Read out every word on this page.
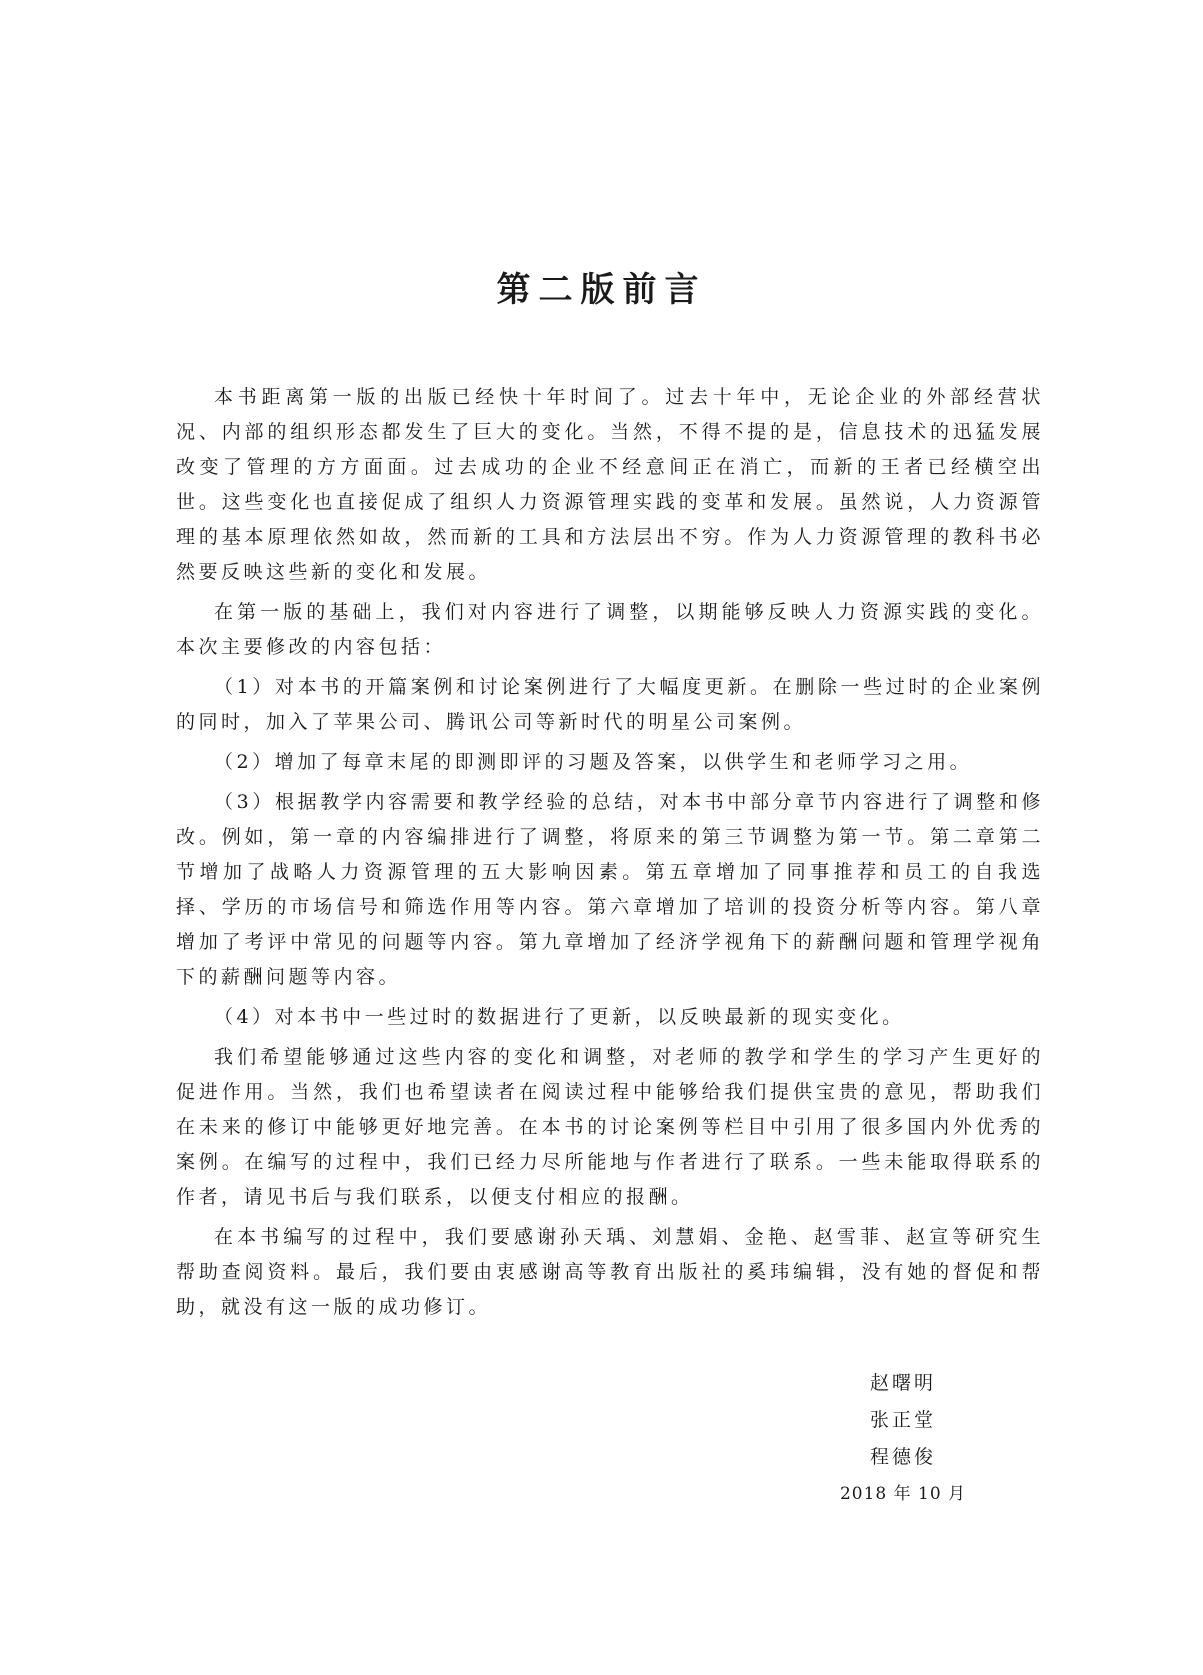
第二版前言

本书距离第一版的出版已经快十年时间了。过去十年中，无论企业的外部经营状况、内部的组织形态都发生了巨大的变化。当然，不得不提的是，信息技术的迅猛发展改变了管理的方方面面。过去成功的企业不经意间正在消亡，而新的王者已经横空出世。这些变化也直接促成了组织人力资源管理实践的变革和发展。虽然说，人力资源管理的基本原理依然如故，然而新的工具和方法层出不穷。作为人力资源管理的教科书必然要反映这些新的变化和发展。

在第一版的基础上，我们对内容进行了调整，以期能够反映人力资源实践的变化。本次主要修改的内容包括：

（1）对本书的开篇案例和讨论案例进行了大幅度更新。在删除一些过时的企业案例的同时，加入了苹果公司、腾讯公司等新时代的明星公司案例。

（2）增加了每章末尾的即测即评的习题及答案，以供学生和老师学习之用。

（3）根据教学内容需要和教学经验的总结，对本书中部分章节内容进行了调整和修改。例如，第一章的内容编排进行了调整，将原来的第三节调整为第一节。第二章第二节增加了战略人力资源管理的五大影响因素。第五章增加了同事推荐和员工的自我选择、学历的市场信号和筛选作用等内容。第六章增加了培训的投资分析等内容。第八章增加了考评中常见的问题等内容。第九章增加了经济学视角下的薪酬问题和管理学视角下的薪酬问题等内容。

（4）对本书中一些过时的数据进行了更新，以反映最新的现实变化。

我们希望能够通过这些内容的变化和调整，对老师的教学和学生的学习产生更好的促进作用。当然，我们也希望读者在阅读过程中能够给我们提供宝贵的意见，帮助我们在未来的修订中能够更好地完善。在本书的讨论案例等栏目中引用了很多国内外优秀的案例。在编写的过程中，我们已经力尽所能地与作者进行了联系。一些未能取得联系的作者，请见书后与我们联系，以便支付相应的报酬。

在本书编写的过程中，我们要感谢孙天瑀、刘慧娟、金艳、赵雪菲、赵宣等研究生帮助查阅资料。最后，我们要由衷感谢高等教育出版社的奚玮编辑，没有她的督促和帮助，就没有这一版的成功修订。

赵曙明
张正堂
程德俊
2018 年 10 月
